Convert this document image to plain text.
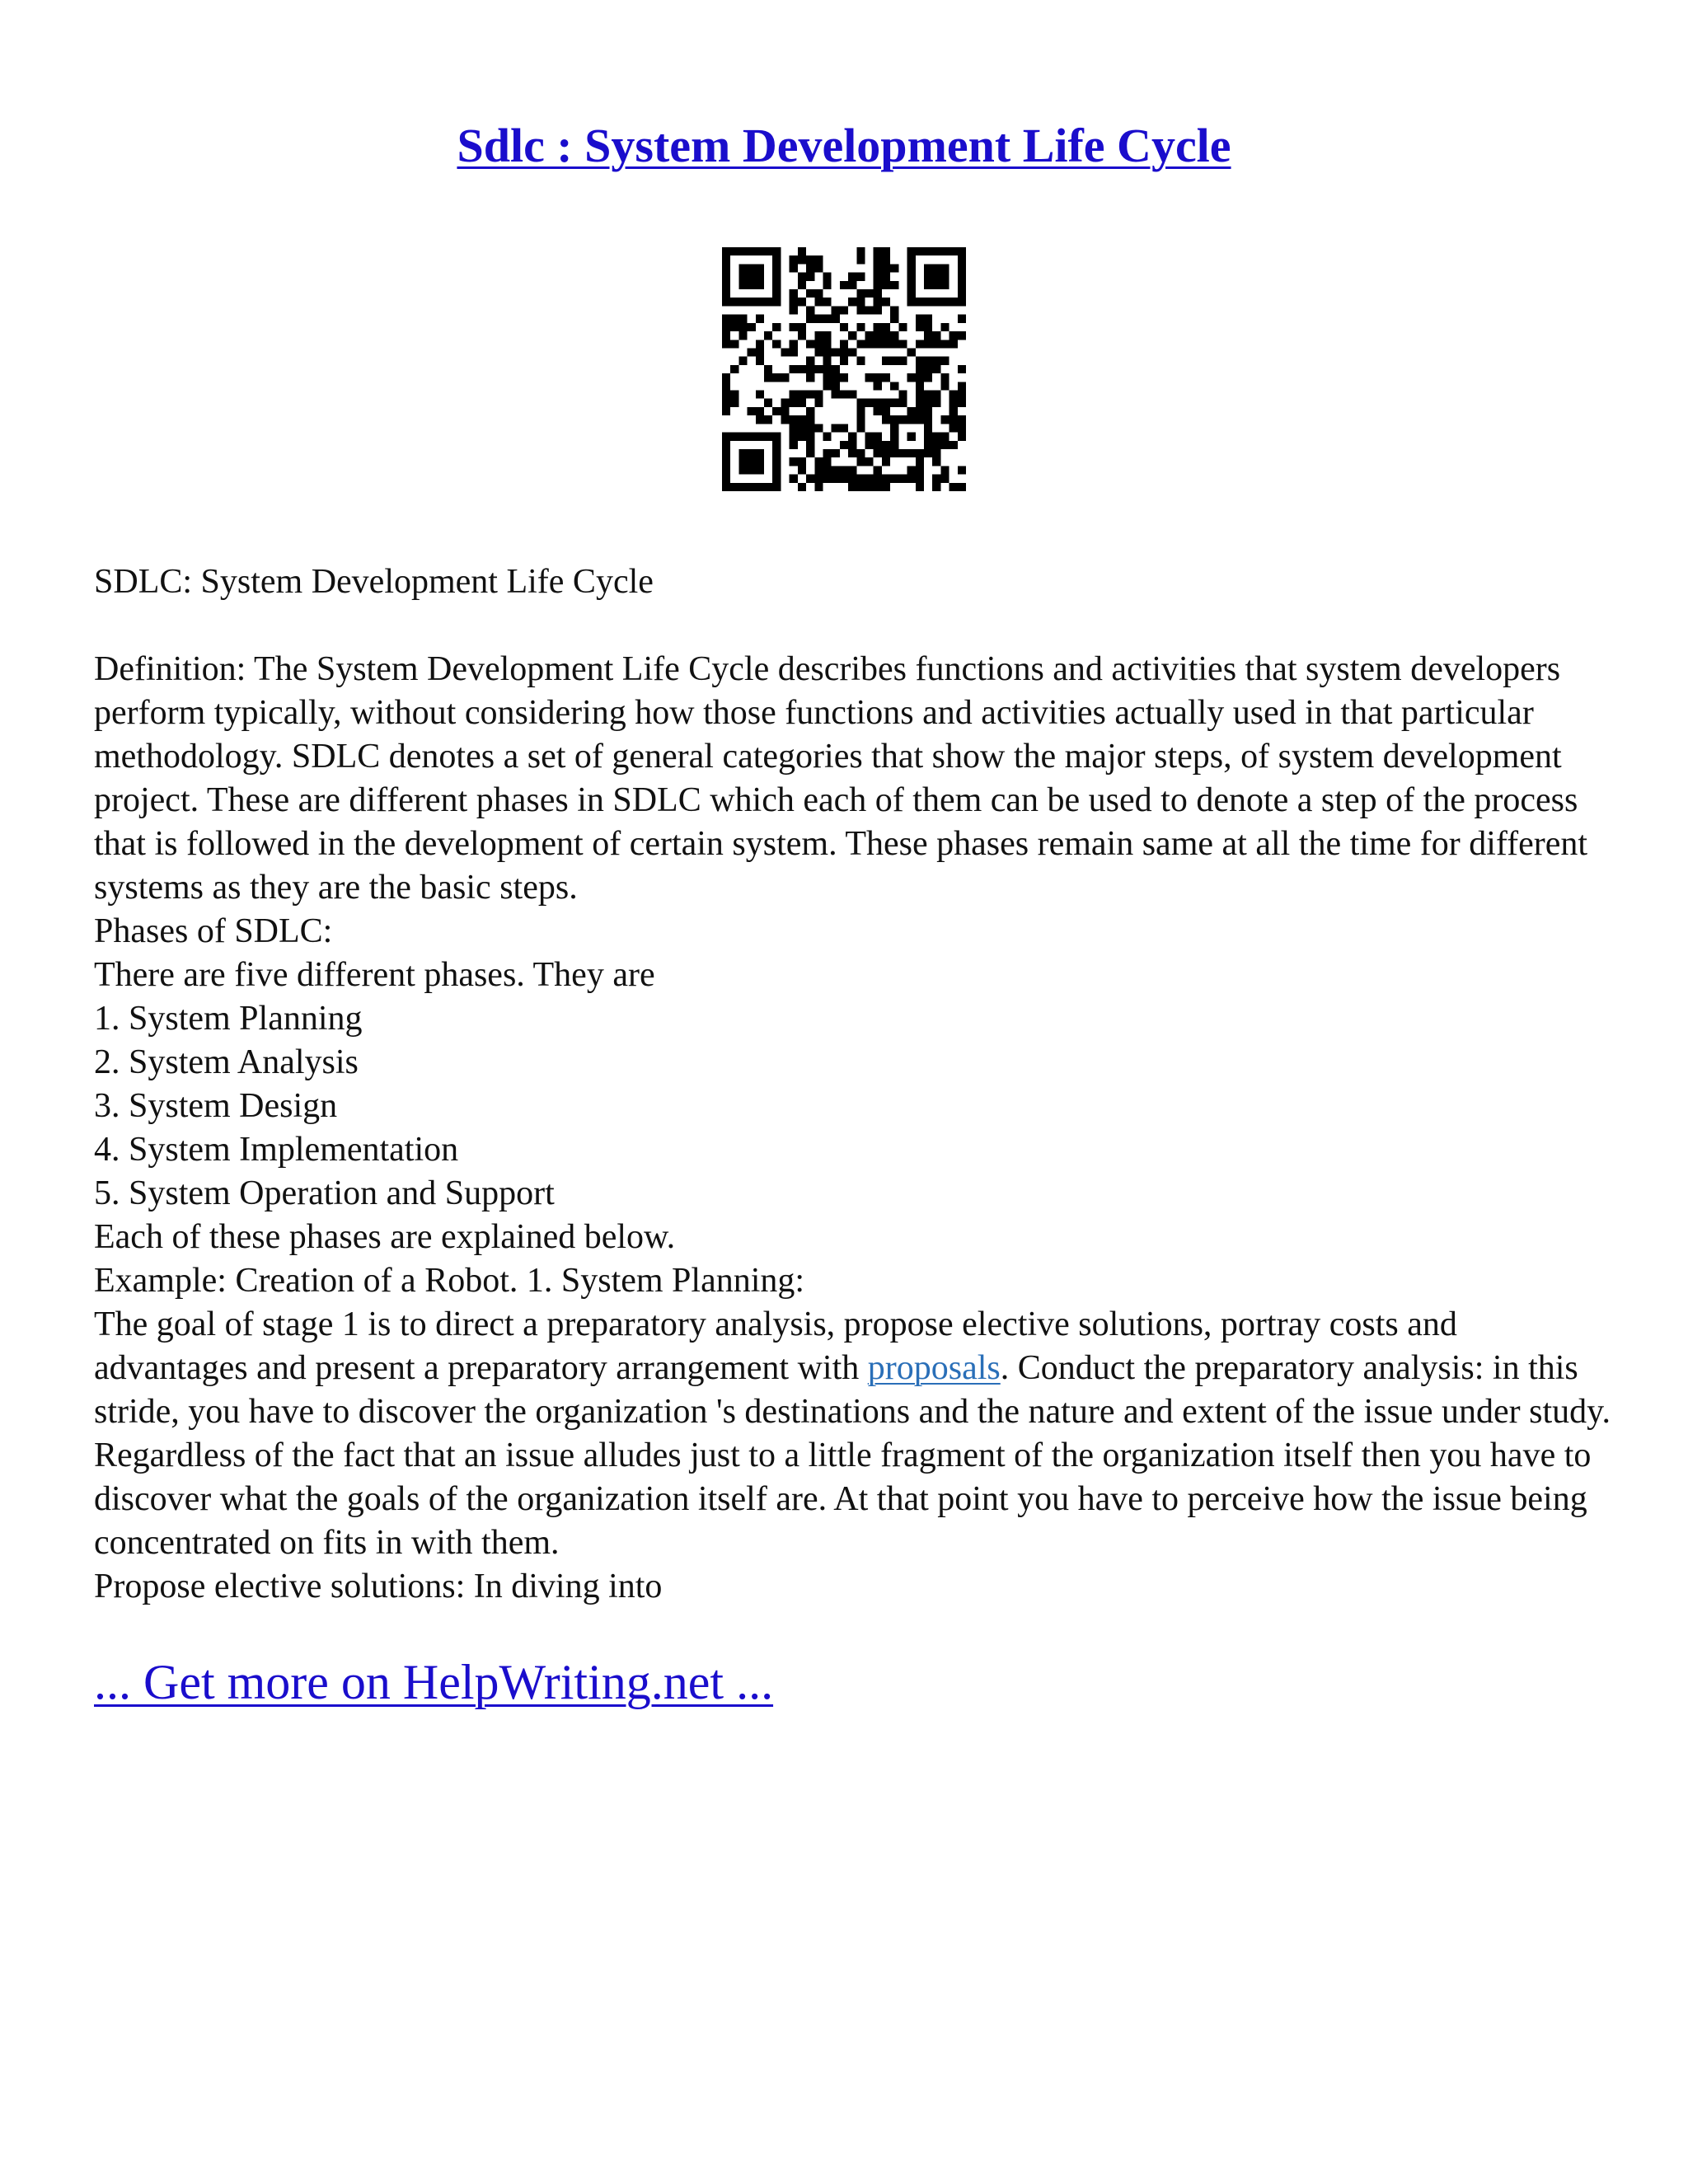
Sdlc : System Development Life Cycle

SDLC: System Development Life Cycle

Definition: The System Development Life Cycle describes functions and activities that system developers perform typically, without considering how those functions and activities actually used in that particular methodology. SDLC denotes a set of general categories that show the major steps, of system development project. These are different phases in SDLC which each of them can be used to denote a step of the process that is followed in the development of certain system. These phases remain same at all the time for different systems as they are the basic steps.

Phases of SDLC:

There are five different phases. They are

1. System Planning

2. System Analysis

3. System Design

4. System Implementation

5. System Operation and Support

Each of these phases are explained below.

Example: Creation of a Robot. 1. System Planning:

The goal of stage 1 is to direct a preparatory analysis, propose elective solutions, portray costs and advantages and present a preparatory arrangement with proposals. Conduct the preparatory analysis: in this stride, you have to discover the organization 's destinations and the nature and extent of the issue under study. Regardless of the fact that an issue alludes just to a little fragment of the organization itself then you have to discover what the goals of the organization itself are. At that point you have to perceive how the issue being concentrated on fits in with them.

Propose elective solutions: In diving into

... Get more on HelpWriting.net ...
